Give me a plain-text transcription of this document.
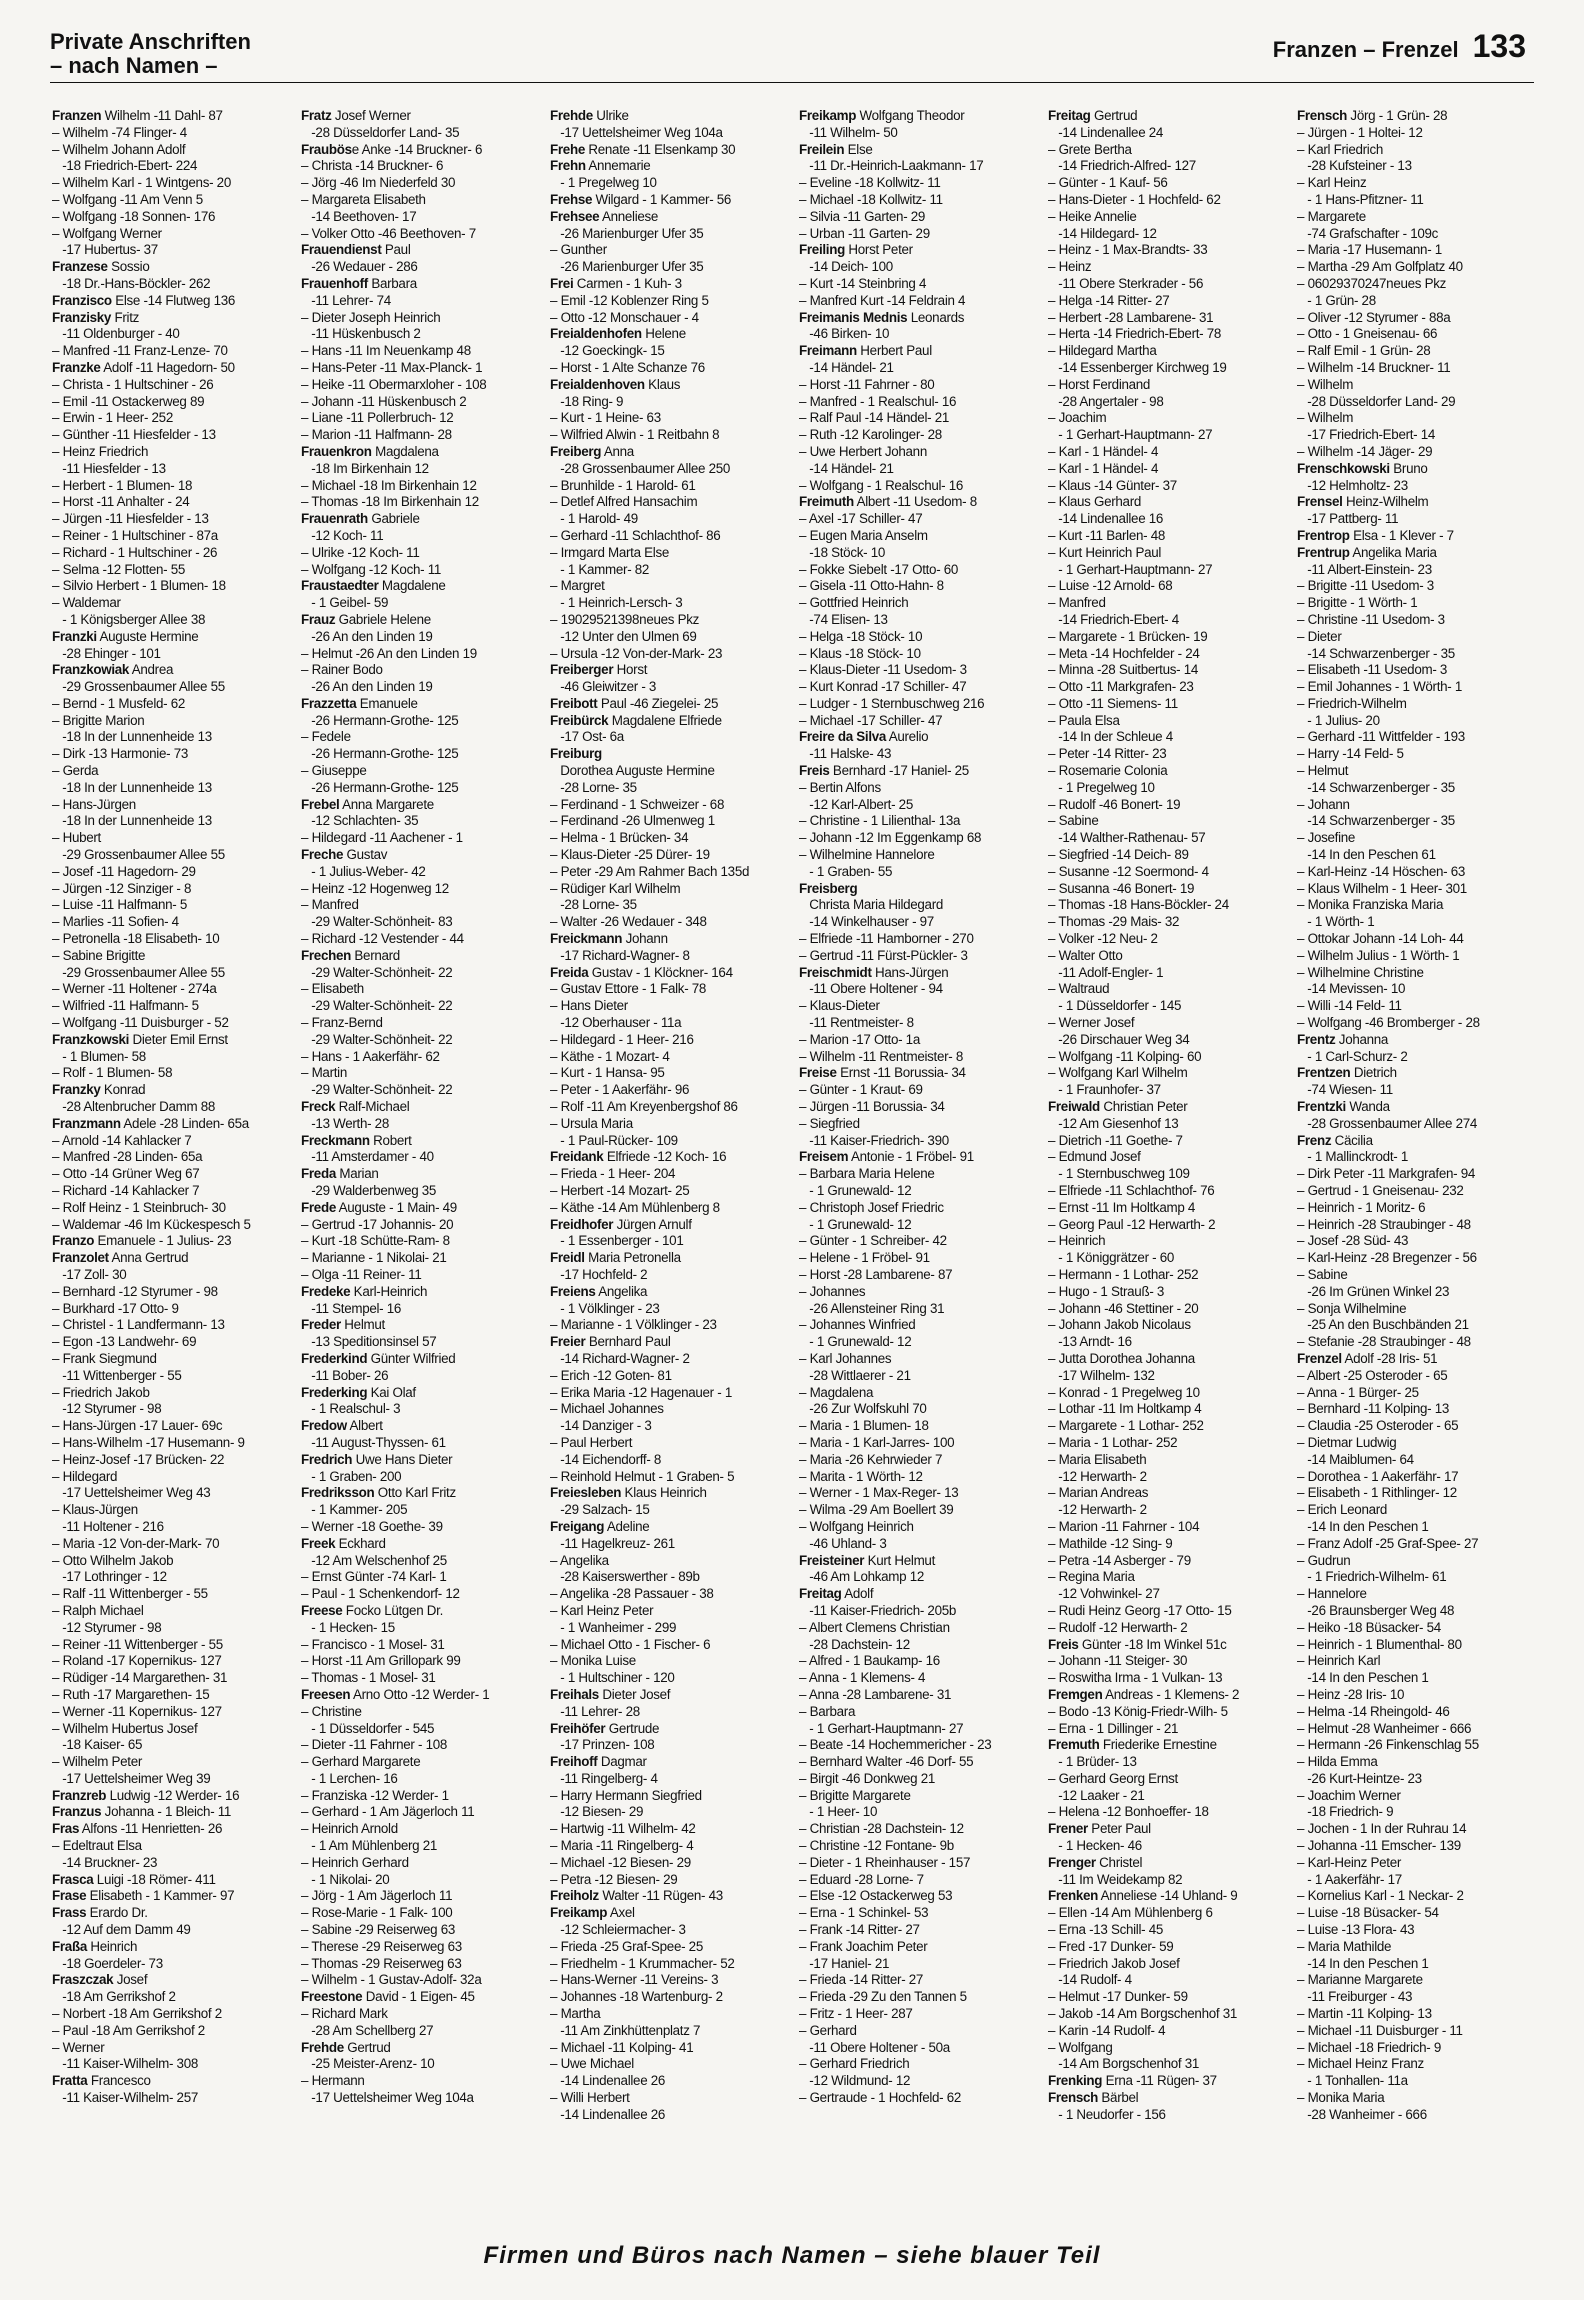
Private Anschriften
– nach Namen –
Franzen – Frenzel 133
Franzen Wilhelm -11 Dahl- 87
– Wilhelm -74 Flinger- 4
– Wilhelm Johann Adolf
-18 Friedrich-Ebert- 224
– Wilhelm Karl - 1 Wintgens- 20
– Wolfgang -11 Am Venn 5
– Wolfgang -18 Sonnen- 176
– Wolfgang Werner
-17 Hubertus- 37
Franzese Sossio
-18 Dr.-Hans-Böckler- 262
Franzisco Else -14 Flutweg 136
Franzisky Fritz
-11 Oldenburger - 40
– Manfred -11 Franz-Lenze- 70
Franzke Adolf -11 Hagedorn- 50
– Christa - 1 Hultschiner - 26
– Emil -11 Ostackerweg 89
– Erwin - 1 Heer- 252
– Günther -11 Hiesfelder - 13
– Heinz Friedrich
-11 Hiesfelder - 13
– Herbert - 1 Blumen- 18
– Horst -11 Anhalter - 24
– Jürgen -11 Hiesfelder - 13
– Reiner - 1 Hultschiner - 87a
– Richard - 1 Hultschiner - 26
– Selma -12 Flotten- 55
– Silvio Herbert - 1 Blumen- 18
– Waldemar
- 1 Königsberger Allee 38
Franzki Auguste Hermine
-28 Ehinger - 101
Franzkowiak Andrea
-29 Grossenbaumer Allee 55
– Bernd - 1 Musfeld- 62
– Brigitte Marion
-18 In der Lunnenheide 13
– Dirk -13 Harmonie- 73
– Gerda
-18 In der Lunnenheide 13
– Hans-Jürgen
-18 In der Lunnenheide 13
– Hubert
-29 Grossenbaumer Allee 55
– Josef -11 Hagedorn- 29
– Jürgen -12 Sinziger - 8
– Luise -11 Halfmann- 5
– Marlies -11 Sofien- 4
– Petronella -18 Elisabeth- 10
– Sabine Brigitte
-29 Grossenbaumer Allee 55
– Werner -11 Holtener - 274a
– Wilfried -11 Halfmann- 5
– Wolfgang -11 Duisburger - 52
Franzkowski Dieter Emil Ernst
- 1 Blumen- 58
– Rolf - 1 Blumen- 58
Franzky Konrad
-28 Altenbrucher Damm 88
Franzmann Adele -28 Linden- 65a
– Arnold -14 Kahlacker 7
– Manfred -28 Linden- 65a
– Otto -14 Grüner Weg 67
– Richard -14 Kahlacker 7
– Rolf Heinz - 1 Steinbruch- 30
– Waldemar -46 Im Kückespesch 5
Franzo Emanuele - 1 Julius- 23
Franzolet Anna Gertrud
-17 Zoll- 30
– Bernhard -12 Styrumer - 98
– Burkhard -17 Otto- 9
– Christel - 1 Landfermann- 13
– Egon -13 Landwehr- 69
– Frank Siegmund
-11 Wittenberger - 55
– Friedrich Jakob
-12 Styrumer - 98
– Hans-Jürgen -17 Lauer- 69c
– Hans-Wilhelm -17 Husemann- 9
– Heinz-Josef -17 Brücken- 22
– Hildegard
-17 Uettelsheimer Weg 43
– Klaus-Jürgen
-11 Holtener - 216
– Maria -12 Von-der-Mark- 70
– Otto Wilhelm Jakob
-17 Lothringer - 12
– Ralf -11 Wittenberger - 55
– Ralph Michael
-12 Styrumer - 98
– Reiner -11 Wittenberger - 55
– Roland -17 Kopernikus- 127
– Rüdiger -14 Margarethen- 31
– Ruth -17 Margarethen- 15
– Werner -11 Kopernikus- 127
– Wilhelm Hubertus Josef
-18 Kaiser- 65
– Wilhelm Peter
-17 Uettelsheimer Weg 39
Franzreb Ludwig -12 Werder- 16
Franzus Johanna - 1 Bleich- 11
Fras Alfons -11 Henrietten- 26
– Edeltraut Elsa
-14 Bruckner- 23
Frasca Luigi -18 Römer- 411
Frase Elisabeth - 1 Kammer- 97
Frass Erardo Dr.
-12 Auf dem Damm 49
Fraßa Heinrich
-18 Goerdeler- 73
Fraszczak Josef
-18 Am Gerrikshof 2
– Norbert -18 Am Gerrikshof 2
– Paul -18 Am Gerrikshof 2
– Werner
-11 Kaiser-Wilhelm- 308
Fratta Francesco
-11 Kaiser-Wilhelm- 257
Fratz Josef Werner
-28 Düsseldorfer Land- 35
Frauböse Anke -14 Bruckner- 6
– Christa -14 Bruckner- 6
– Jörg -46 Im Niederfeld 30
– Margareta Elisabeth
-14 Beethoven- 17
– Volker Otto -46 Beethoven- 7
Frauendienst Paul
-26 Wedauer - 286
Frauenhoff Barbara
-11 Lehrer- 74
– Dieter Joseph Heinrich
-11 Hüskenbusch 2
– Hans -11 Im Neuenkamp 48
– Hans-Peter -11 Max-Planck- 1
– Heike -11 Obermarxloher - 108
– Johann -11 Hüskenbusch 2
– Liane -11 Pollerbruch- 12
– Marion -11 Halfmann- 28
Frauenkron Magdalena
-18 Im Birkenhain 12
– Michael -18 Im Birkenhain 12
– Thomas -18 Im Birkenhain 12
Frauenrath Gabriele
-12 Koch- 11
– Ulrike -12 Koch- 11
– Wolfgang -12 Koch- 11
Fraustaedter Magdalene
- 1 Geibel- 59
Frauz Gabriele Helene
-26 An den Linden 19
– Helmut -26 An den Linden 19
– Rainer Bodo
-26 An den Linden 19
Frazzetta Emanuele
-26 Hermann-Grothe- 125
– Fedele
-26 Hermann-Grothe- 125
– Giuseppe
-26 Hermann-Grothe- 125
Frebel Anna Margarete
-12 Schlachten- 35
– Hildegard -11 Aachener - 1
Freche Gustav
- 1 Julius-Weber- 42
– Heinz -12 Hogenweg 12
– Manfred
-29 Walter-Schönheit- 83
– Richard -12 Vestender - 44
Frechen Bernard
-29 Walter-Schönheit- 22
– Elisabeth
-29 Walter-Schönheit- 22
– Franz-Bernd
-29 Walter-Schönheit- 22
– Hans - 1 Aakerfähr- 62
– Martin
-29 Walter-Schönheit- 22
Freck Ralf-Michael
-13 Werth- 28
Freckmann Robert
-11 Amsterdamer - 40
Freda Marian
-29 Walderbenweg 35
Frede Auguste - 1 Main- 49
– Gertrud -17 Johannis- 20
– Kurt -18 Schütte-Ram- 8
– Marianne - 1 Nikolai- 21
– Olga -11 Reiner- 11
Fredeke Karl-Heinrich
-11 Stempel- 16
Freder Helmut
-13 Speditionsinsel 57
Frederkind Günter Wilfried
-11 Bober- 26
Frederking Kai Olaf
- 1 Realschul- 3
Fredow Albert
-11 August-Thyssen- 61
Fredrich Uwe Hans Dieter
- 1 Graben- 200
Fredriksson Otto Karl Fritz
- 1 Kammer- 205
– Werner -18 Goethe- 39
Freek Eckhard
-12 Am Welschenhof 25
– Ernst Günter -74 Karl- 1
– Paul - 1 Schenkendorf- 12
Freese Focko Lütgen Dr.
- 1 Hecken- 15
– Francisco - 1 Mosel- 31
– Horst -11 Am Grillopark 99
– Thomas - 1 Mosel- 31
Freesen Arno Otto -12 Werder- 1
– Christine
- 1 Düsseldorfer - 545
– Dieter -11 Fahrner - 108
– Gerhard Margarete
- 1 Lerchen- 16
– Franziska -12 Werder- 1
– Gerhard - 1 Am Jägerloch 11
– Heinrich Arnold
- 1 Am Mühlenberg 21
– Heinrich Gerhard
- 1 Nikolai- 20
– Jörg - 1 Am Jägerloch 11
– Rose-Marie - 1 Falk- 100
– Sabine -29 Reiserweg 63
– Therese -29 Reiserweg 63
– Thomas -29 Reiserweg 63
– Wilhelm - 1 Gustav-Adolf- 32a
Freestone David - 1 Eigen- 45
– Richard Mark
-28 Am Schellberg 27
Frehde Gertrud
-25 Meister-Arenz- 10
– Hermann
-17 Uettelsheimer Weg 104a
Frehde Ulrike
-17 Uettelsheimer Weg 104a
Frehe Renate -11 Elsenkamp 30
Frehn Annemarie
- 1 Pregelweg 10
Frehse Wilgard - 1 Kammer- 56
Frehsee Anneliese
-26 Marienburger Ufer 35
– Gunther
-26 Marienburger Ufer 35
Frei Carmen - 1 Kuh- 3
– Emil -12 Koblenzer Ring 5
– Otto -12 Monschauer - 4
Freialdenhofen Helene
-12 Goeckingk- 15
– Horst - 1 Alte Schanze 76
Freialdenhoven Klaus
-18 Ring- 9
– Kurt - 1 Heine- 63
– Wilfried Alwin - 1 Reitbahn 8
Freiberg Anna
-28 Grossenbaumer Allee 250
– Brunhilde - 1 Harold- 61
– Detlef Alfred Hansachim
- 1 Harold- 49
– Gerhard -11 Schlachthof- 86
– Irmgard Marta Else
- 1 Kammer- 82
– Margret
- 1 Heinrich-Lersch- 3
– 19029521398neues Pkz
-12 Unter den Ulmen 69
– Ursula -12 Von-der-Mark- 23
Freiberger Horst
-46 Gleiwitzer - 3
Freibott Paul -46 Ziegelei- 25
Freibürck Magdalene Elfriede
-17 Ost- 6a
Freiburg
Dorothea Auguste Hermine
-28 Lorne- 35
– Ferdinand - 1 Schweizer - 68
– Ferdinand -26 Ulmenweg 1
– Helma - 1 Brücken- 34
– Klaus-Dieter -25 Dürer- 19
– Peter -29 Am Rahmer Bach 135d
– Rüdiger Karl Wilhelm
-28 Lorne- 35
– Walter -26 Wedauer - 348
Freickmann Johann
-17 Richard-Wagner- 8
Freida Gustav - 1 Klöckner- 164
– Gustav Ettore - 1 Falk- 78
– Hans Dieter
-12 Oberhauser - 11a
– Hildegard - 1 Heer- 216
– Käthe - 1 Mozart- 4
– Kurt - 1 Hansa- 95
– Peter - 1 Aakerfähr- 96
– Rolf -11 Am Kreyenbergshof 86
– Ursula Maria
- 1 Paul-Rücker- 109
Freidank Elfriede -12 Koch- 16
– Frieda - 1 Heer- 204
– Herbert -14 Mozart- 25
– Käthe -14 Am Mühlenberg 8
Freidhofer Jürgen Arnulf
- 1 Essenberger - 101
Freidl Maria Petronella
-17 Hochfeld- 2
Freiens Angelika
- 1 Völklinger - 23
– Marianne - 1 Völklinger - 23
Freier Bernhard Paul
-14 Richard-Wagner- 2
– Erich -12 Goten- 81
– Erika Maria -12 Hagenauer - 1
– Michael Johannes
-14 Danziger - 3
– Paul Herbert
-14 Eichendorff- 8
– Reinhold Helmut - 1 Graben- 5
Freiesleben Klaus Heinrich
-29 Salzach- 15
Freigang Adeline
-11 Hagelkreuz- 261
– Angelika
-28 Kaiserswerther - 89b
– Angelika -28 Passauer - 38
– Karl Heinz Peter
- 1 Wanheimer - 299
– Michael Otto - 1 Fischer- 6
– Monika Luise
- 1 Hultschiner - 120
Freihals Dieter Josef
-11 Lehrer- 28
Freihöfer Gertrude
-17 Prinzen- 108
Freihoff Dagmar
-11 Ringelberg- 4
– Harry Hermann Siegfried
-12 Biesen- 29
– Hartwig -11 Wilhelm- 42
– Maria -11 Ringelberg- 4
– Michael -12 Biesen- 29
– Petra -12 Biesen- 29
Freiholz Walter -11 Rügen- 43
Freikamp Axel
-12 Schleiermacher- 3
– Frieda -25 Graf-Spee- 25
– Friedhelm - 1 Krummacher- 52
– Hans-Werner -11 Vereins- 3
– Johannes -18 Wartenburg- 2
– Martha
-11 Am Zinkhüttenplatz 7
– Michael -11 Kolping- 41
– Uwe Michael
-14 Lindenallee 26
– Willi Herbert
-14 Lindenallee 26
Freikamp Wolfgang Theodor
-11 Wilhelm- 50
Freilein Else
-11 Dr.-Heinrich-Laakmann- 17
– Eveline -18 Kollwitz- 11
– Michael -18 Kollwitz- 11
– Silvia -11 Garten- 29
– Urban -11 Garten- 29
Freiling Horst Peter
-14 Deich- 100
– Kurt -14 Steinbring 4
– Manfred Kurt -14 Feldrain 4
Freimanis Mednis Leonards
-46 Birken- 10
Freimann Herbert Paul
-14 Händel- 21
– Horst -11 Fahrner - 80
– Manfred - 1 Realschul- 16
– Ralf Paul -14 Händel- 21
– Ruth -12 Karolinger- 28
– Uwe Herbert Johann
-14 Händel- 21
– Wolfgang - 1 Realschul- 16
Freimuth Albert -11 Usedom- 8
– Axel -17 Schiller- 47
– Eugen Maria Anselm
-18 Stöck- 10
– Fokke Siebelt -17 Otto- 60
– Gisela -11 Otto-Hahn- 8
– Gottfried Heinrich
-74 Elisen- 13
– Helga -18 Stöck- 10
– Klaus -18 Stöck- 10
– Klaus-Dieter -11 Usedom- 3
– Kurt Konrad -17 Schiller- 47
– Ludger - 1 Sternbuschweg 216
– Michael -17 Schiller- 47
Freire da Silva Aurelio
-11 Halske- 43
Freis Bernhard -17 Haniel- 25
– Bertin Alfons
-12 Karl-Albert- 25
– Christine - 1 Lilienthal- 13a
– Johann -12 Im Eggenkamp 68
– Wilhelmine Hannelore
- 1 Graben- 55
Freisberg
Christa Maria Hildegard
-14 Winkelhauser - 97
– Elfriede -11 Hamborner - 270
– Gertrud -11 Fürst-Pückler- 3
Freischmidt Hans-Jürgen
-11 Obere Holtener - 94
– Klaus-Dieter
-11 Rentmeister- 8
– Marion -17 Otto- 1a
– Wilhelm -11 Rentmeister- 8
Freise Ernst -11 Borussia- 34
– Günter - 1 Kraut- 69
– Jürgen -11 Borussia- 34
– Siegfried
-11 Kaiser-Friedrich- 390
Freisem Antonie - 1 Fröbel- 91
– Barbara Maria Helene
- 1 Grunewald- 12
– Christoph Josef Friedric
- 1 Grunewald- 12
– Günter - 1 Schreiber- 42
– Helene - 1 Fröbel- 91
– Horst -28 Lambarene- 87
– Johannes
-26 Allensteiner Ring 31
– Johannes Winfried
- 1 Grunewald- 12
– Karl Johannes
-28 Wittlaerer - 21
– Magdalena
-26 Zur Wolfskuhl 70
– Maria - 1 Blumen- 18
– Maria - 1 Karl-Jarres- 100
– Maria -26 Kehrwieder 7
– Marita - 1 Wörth- 12
– Werner - 1 Max-Reger- 13
– Wilma -29 Am Boellert 39
– Wolfgang Heinrich
-46 Uhland- 3
Freisteiner Kurt Helmut
-46 Am Lohkamp 12
Freitag Adolf
-11 Kaiser-Friedrich- 205b
– Albert Clemens Christian
-28 Dachstein- 12
– Alfred - 1 Baukamp- 16
– Anna - 1 Klemens- 4
– Anna -28 Lambarene- 31
– Barbara
- 1 Gerhart-Hauptmann- 27
– Beate -14 Hochemmericher - 23
– Bernhard Walter -46 Dorf- 55
– Birgit -46 Donkweg 21
– Brigitte Margarete
- 1 Heer- 10
– Christian -28 Dachstein- 12
– Christine -12 Fontane- 9b
– Dieter - 1 Rheinhauser - 157
– Eduard -28 Lorne- 7
– Else -12 Ostackerweg 53
– Erna - 1 Schinkel- 53
– Frank -14 Ritter- 27
– Frank Joachim Peter
-17 Haniel- 21
– Frieda -14 Ritter- 27
– Frieda -29 Zu den Tannen 5
– Fritz - 1 Heer- 287
– Gerhard
-11 Obere Holtener - 50a
– Gerhard Friedrich
-12 Wildmund- 12
– Gertraude - 1 Hochfeld- 62
Freitag Gertrud
-14 Lindenallee 24
– Grete Bertha
-14 Friedrich-Alfred- 127
– Günter - 1 Kauf- 56
– Hans-Dieter - 1 Hochfeld- 62
– Heike Annelie
-14 Hildegard- 12
– Heinz - 1 Max-Brandts- 33
– Heinz
-11 Obere Sterkrader - 56
– Helga -14 Ritter- 27
– Herbert -28 Lambarene- 31
– Herta -14 Friedrich-Ebert- 78
– Hildegard Martha
-14 Essenberger Kirchweg 19
– Horst Ferdinand
-28 Angertaler - 98
– Joachim
- 1 Gerhart-Hauptmann- 27
– Karl - 1 Händel- 4
– Karl - 1 Händel- 4
– Klaus -14 Günter- 37
– Klaus Gerhard
-14 Lindenallee 16
– Kurt -11 Barlen- 48
– Kurt Heinrich Paul
- 1 Gerhart-Hauptmann- 27
– Luise -12 Arnold- 68
– Manfred
-14 Friedrich-Ebert- 4
– Margarete - 1 Brücken- 19
– Meta -14 Hochfelder - 24
– Minna -28 Suitbertus- 14
– Otto -11 Markgrafen- 23
– Otto -11 Siemens- 11
– Paula Elsa
-14 In der Schleue 4
– Peter -14 Ritter- 23
– Rosemarie Colonia
- 1 Pregelweg 10
– Rudolf -46 Bonert- 19
– Sabine
-14 Walther-Rathenau- 57
– Siegfried -14 Deich- 89
– Susanne -12 Soermond- 4
– Susanna -46 Bonert- 19
– Thomas -18 Hans-Böckler- 24
– Thomas -29 Mais- 32
– Volker -12 Neu- 2
– Walter Otto
-11 Adolf-Engler- 1
– Waltraud
- 1 Düsseldorfer - 145
– Werner Josef
-26 Dirschauer Weg 34
– Wolfgang -11 Kolping- 60
– Wolfgang Karl Wilhelm
- 1 Fraunhofer- 37
Freiwald Christian Peter
-12 Am Giesenhof 13
– Dietrich -11 Goethe- 7
– Edmund Josef
- 1 Sternbuschweg 109
– Elfriede -11 Schlachthof- 76
– Ernst -11 Im Holtkamp 4
– Georg Paul -12 Herwarth- 2
– Heinrich
- 1 Königgrätzer - 60
– Hermann - 1 Lothar- 252
– Hugo - 1 Strauß- 3
– Johann -46 Stettiner - 20
– Johann Jakob Nicolaus
-13 Arndt- 16
– Jutta Dorothea Johanna
-17 Wilhelm- 132
– Konrad - 1 Pregelweg 10
– Lothar -11 Im Holtkamp 4
– Margarete - 1 Lothar- 252
– Maria - 1 Lothar- 252
– Maria Elisabeth
-12 Herwarth- 2
– Marian Andreas
-12 Herwarth- 2
– Marion -11 Fahrner - 104
– Mathilde -12 Sing- 9
– Petra -14 Asberger - 79
– Regina Maria
-12 Vohwinkel- 27
– Rudi Heinz Georg -17 Otto- 15
– Rudolf -12 Herwarth- 2
Freis Günter -18 Im Winkel 51c
– Johann -11 Steiger- 30
– Roswitha Irma - 1 Vulkan- 13
Fremgen Andreas - 1 Klemens- 2
– Bodo -13 König-Friedr-Wilh- 5
– Erna - 1 Dillinger - 21
Fremuth Friederike Ernestine
- 1 Brüder- 13
– Gerhard Georg Ernst
-12 Laaker - 21
– Helena -12 Bonhoeffer- 18
Frener Peter Paul
- 1 Hecken- 46
Frenger Christel
-11 Im Weidekamp 82
Frenken Anneliese -14 Uhland- 9
– Ellen -14 Am Mühlenberg 6
– Erna -13 Schill- 45
– Fred -17 Dunker- 59
– Friedrich Jakob Josef
-14 Rudolf- 4
– Helmut -17 Dunker- 59
– Jakob -14 Am Borgschenhof 31
– Karin -14 Rudolf- 4
– Wolfgang
-14 Am Borgschenhof 31
Frenking Erna -11 Rügen- 37
Frensch Bärbel
- 1 Neudorfer - 156
Frensch Jörg - 1 Grün- 28
– Jürgen - 1 Holtei- 12
– Karl Friedrich
-28 Kufsteiner - 13
– Karl Heinz
- 1 Hans-Pfitzner- 11
– Margarete
-74 Grafschafter - 109c
– Maria -17 Husemann- 1
– Martha -29 Am Golfplatz 40
– 06029370247neues Pkz
- 1 Grün- 28
– Oliver -12 Styrumer - 88a
– Otto - 1 Gneisenau- 66
– Ralf Emil - 1 Grün- 28
– Wilhelm -14 Bruckner- 11
– Wilhelm
-28 Düsseldorfer Land- 29
– Wilhelm
-17 Friedrich-Ebert- 14
– Wilhelm -14 Jäger- 29
Frenschkowski Bruno
-12 Helmholtz- 23
Frensel Heinz-Wilhelm
-17 Pattberg- 11
Frentrop Elsa - 1 Klever - 7
Frentrup Angelika Maria
-11 Albert-Einstein- 23
– Brigitte -11 Usedom- 3
– Brigitte - 1 Wörth- 1
– Christine -11 Usedom- 3
– Dieter
-14 Schwarzenberger - 35
– Elisabeth -11 Usedom- 3
– Emil Johannes - 1 Wörth- 1
– Friedrich-Wilhelm
- 1 Julius- 20
– Gerhard -11 Wittfelder - 193
– Harry -14 Feld- 5
– Helmut
-14 Schwarzenberger - 35
– Johann
-14 Schwarzenberger - 35
– Josefine
-14 In den Peschen 61
– Karl-Heinz -14 Höschen- 63
– Klaus Wilhelm - 1 Heer- 301
– Monika Franziska Maria
- 1 Wörth- 1
– Ottokar Johann -14 Loh- 44
– Wilhelm Julius - 1 Wörth- 1
– Wilhelmine Christine
-14 Mevissen- 10
– Willi -14 Feld- 11
– Wolfgang -46 Bromberger - 28
Frentz Johanna
- 1 Carl-Schurz- 2
Frentzen Dietrich
-74 Wiesen- 11
Frentzki Wanda
-28 Grossenbaumer Allee 274
Frenz Cäcilia
- 1 Mallinckrodt- 1
– Dirk Peter -11 Markgrafen- 94
– Gertrud - 1 Gneisenau- 232
– Heinrich - 1 Moritz- 6
– Heinrich -28 Straubinger - 48
– Josef -28 Süd- 43
– Karl-Heinz -28 Bregenzer - 56
– Sabine
-26 Im Grünen Winkel 23
– Sonja Wilhelmine
-25 An den Buschbänden 21
– Stefanie -28 Straubinger - 48
Frenzel Adolf -28 Iris- 51
– Albert -25 Osteroder - 65
– Anna - 1 Bürger- 25
– Bernhard -11 Kolping- 13
– Claudia -25 Osteroder - 65
– Dietmar Ludwig
-14 Maiblumen- 64
– Dorothea - 1 Aakerfähr- 17
– Elisabeth - 1 Rithlinger- 12
– Erich Leonard
-14 In den Peschen 1
– Franz Adolf -25 Graf-Spee- 27
– Gudrun
- 1 Friedrich-Wilhelm- 61
– Hannelore
-26 Braunsberger Weg 48
– Heiko -18 Büsacker- 54
– Heinrich - 1 Blumenthal- 80
– Heinrich Karl
-14 In den Peschen 1
– Heinz -28 Iris- 10
– Helma -14 Rheingold- 46
– Helmut -28 Wanheimer - 666
– Hermann -26 Finkenschlag 55
– Hilda Emma
-26 Kurt-Heintze- 23
– Joachim Werner
-18 Friedrich- 9
– Jochen - 1 In der Ruhrau 14
– Johanna -11 Emscher- 139
– Karl-Heinz Peter
- 1 Aakerfähr- 17
– Kornelius Karl - 1 Neckar- 2
– Luise -18 Büsacker- 54
– Luise -13 Flora- 43
– Maria Mathilde
-14 In den Peschen 1
– Marianne Margarete
-11 Freiburger - 43
– Martin -11 Kolping- 13
– Michael -11 Duisburger - 11
– Michael -18 Friedrich- 9
– Michael Heinz Franz
- 1 Tonhallen- 11a
– Monika Maria
-28 Wanheimer - 666
Firmen und Büros nach Namen – siehe blauer Teil
